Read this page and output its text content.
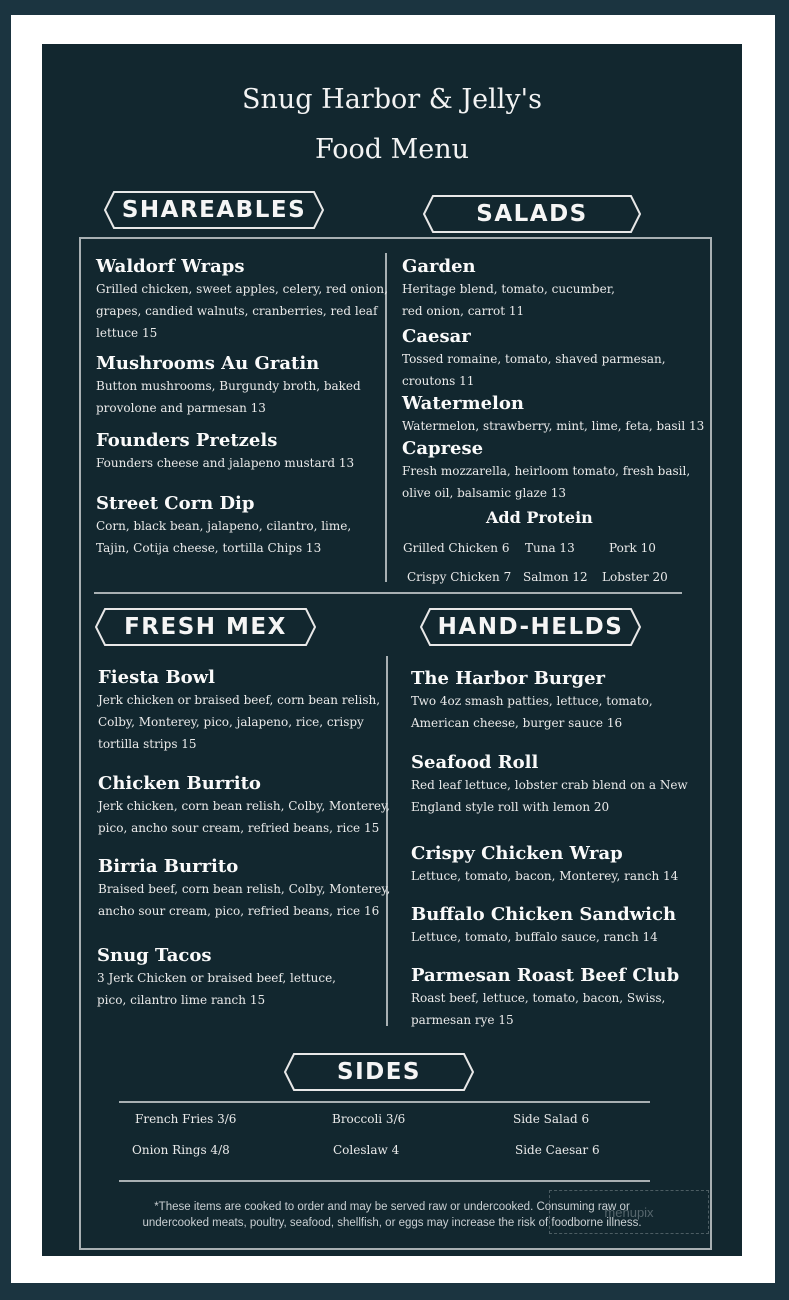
Snug Harbor & Jelly's
Food Menu
SHAREABLES	SALADS
Waldorf Wraps
Grilled chicken, sweet apples, celery, red onion,
grapes, candied walnuts, cranberries, red leaf
lettuce 15
Mushrooms Au Gratin
Button mushrooms, Burgundy broth, baked
provolone and parmesan 13
Founders Pretzels
Founders cheese and jalapeno mustard 13
Street Corn Dip
Corn, black bean, jalapeno, cilantro, lime,
Tajin, Cotija cheese, tortilla Chips 13
Garden
Heritage blend, tomato, cucumber,
red onion, carrot 11
Caesar
Tossed romaine, tomato, shaved parmesan,
croutons 11
Watermelon
Watermelon, strawberry, mint, lime, feta, basil 13
Caprese
Fresh mozzarella, heirloom tomato, fresh basil,
olive oil, balsamic glaze 13
Add Protein
Grilled Chicken 6 Tuna 13	Pork 10
Crispy Chicken 7 Salmon 12 Lobster 20
FRESH MEX	HAND-HELDS
Fiesta Bowl
Jerk chicken or braised beef, corn bean relish,
Colby, Monterey, pico, jalapeno, rice, crispy
tortilla strips 15
Chicken Burrito
Jerk chicken, corn bean relish, Colby, Monterey,
pico, ancho sour cream, refried beans, rice 15
Birria Burrito
Braised beef, corn bean relish, Colby, Monterey,
ancho sour cream, pico, refried beans, rice 16
Snug Tacos
3 Jerk Chicken or braised beef, lettuce,
pico, cilantro lime ranch 15
The Harbor Burger
Two 4oz smash patties, lettuce, tomato,
American cheese, burger sauce 16
Seafood Roll
Red leaf lettuce, lobster crab blend on a New
England style roll with lemon 20
Crispy Chicken Wrap
Lettuce, tomato, bacon, Monterey, ranch 14
Buffalo Chicken Sandwich
Lettuce, tomato, buffalo sauce, ranch 14
Parmesan Roast Beef Club
Roast beef, lettuce, tomato, bacon, Swiss,
parmesan rye 15
SIDES
French Fries 3/6	Broccoli 3/6	Side Salad 6
Onion Rings 4/8	Coleslaw 4	Side Caesar 6
*These items are cooked to order and may be served raw or undercooked. Consuming raw or
undercooked meats, poultry, seafood, shellfish, or eggs may increase the risk of foodborne illness.
menupix
